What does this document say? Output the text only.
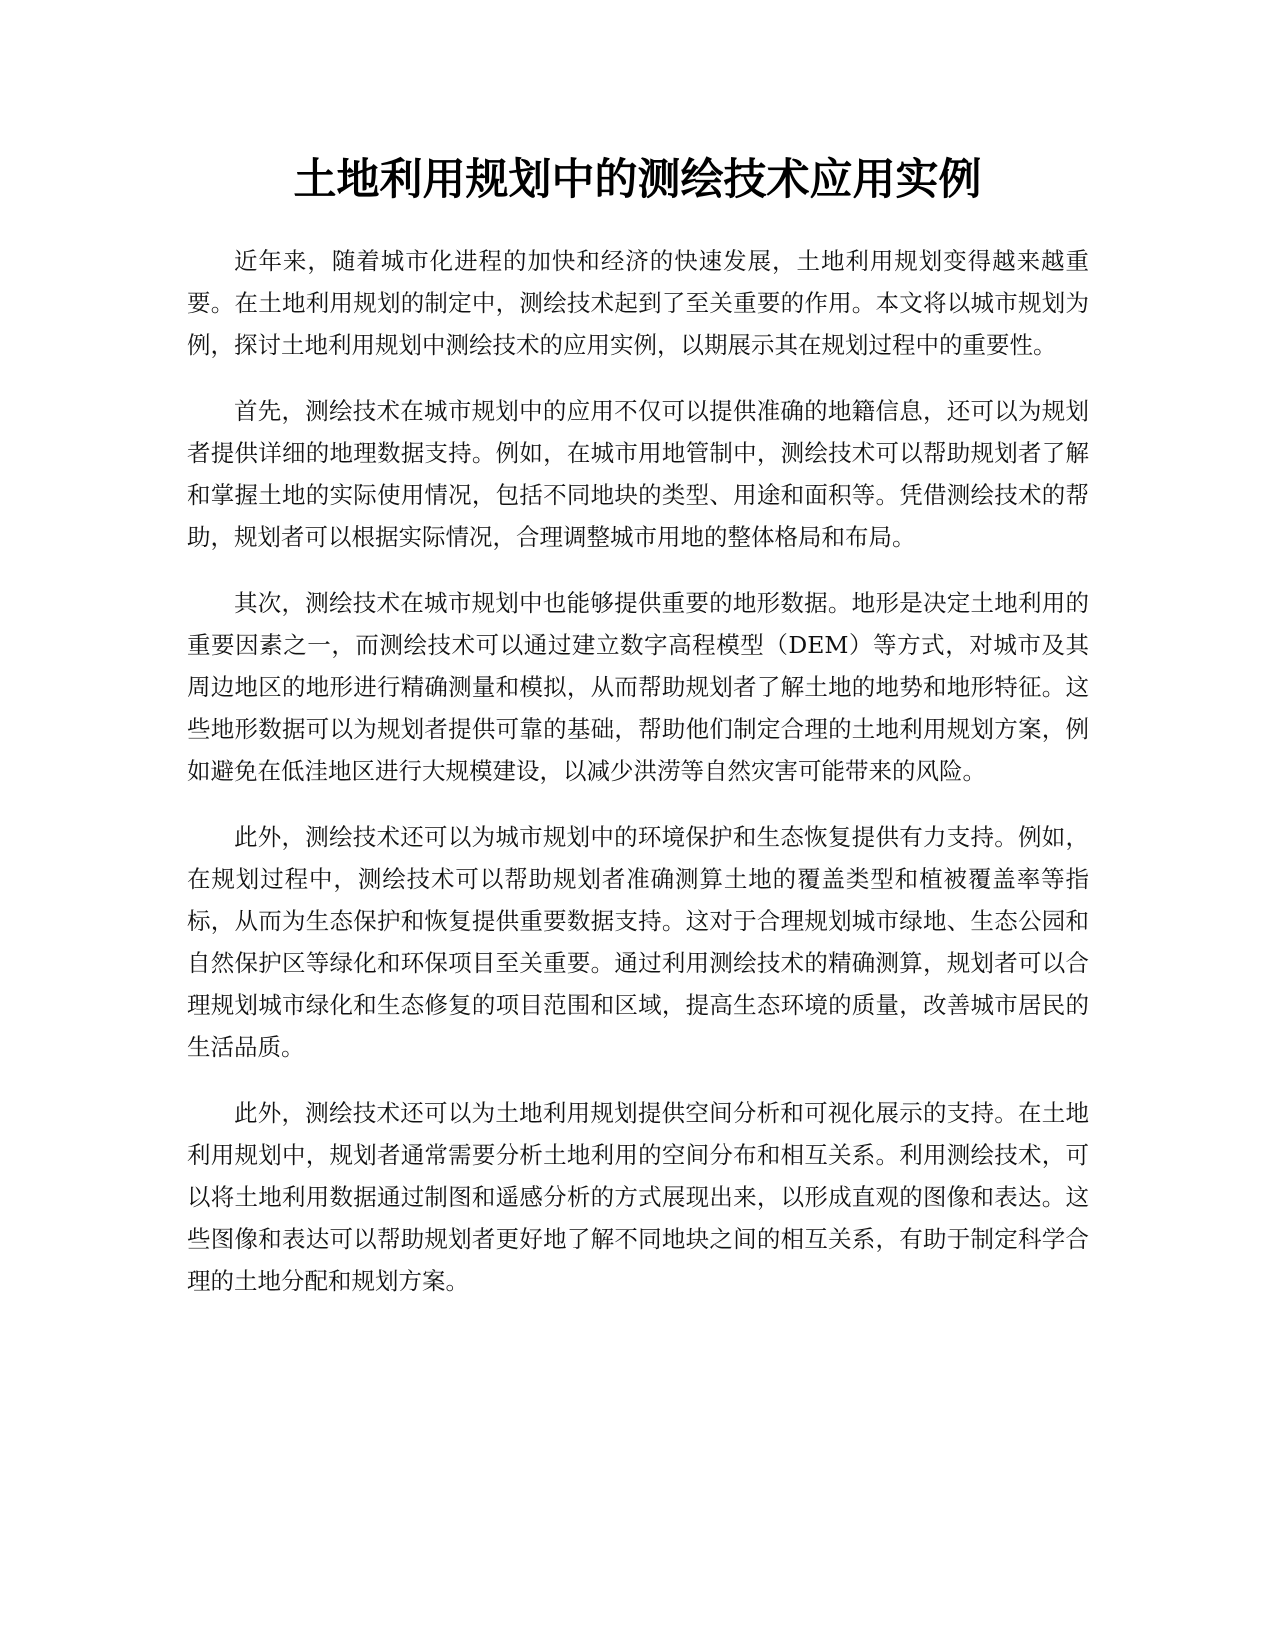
土地利用规划中的测绘技术应用实例

近年来，随着城市化进程的加快和经济的快速发展，土地利用规划变得越来越重要。在土地利用规划的制定中，测绘技术起到了至关重要的作用。本文将以城市规划为例，探讨土地利用规划中测绘技术的应用实例，以期展示其在规划过程中的重要性。

首先，测绘技术在城市规划中的应用不仅可以提供准确的地籍信息，还可以为规划者提供详细的地理数据支持。例如，在城市用地管制中，测绘技术可以帮助规划者了解和掌握土地的实际使用情况，包括不同地块的类型、用途和面积等。凭借测绘技术的帮助，规划者可以根据实际情况，合理调整城市用地的整体格局和布局。

其次，测绘技术在城市规划中也能够提供重要的地形数据。地形是决定土地利用的重要因素之一，而测绘技术可以通过建立数字高程模型（DEM）等方式，对城市及其周边地区的地形进行精确测量和模拟，从而帮助规划者了解土地的地势和地形特征。这些地形数据可以为规划者提供可靠的基础，帮助他们制定合理的土地利用规划方案，例如避免在低洼地区进行大规模建设，以减少洪涝等自然灾害可能带来的风险。

此外，测绘技术还可以为城市规划中的环境保护和生态恢复提供有力支持。例如，在规划过程中，测绘技术可以帮助规划者准确测算土地的覆盖类型和植被覆盖率等指标，从而为生态保护和恢复提供重要数据支持。这对于合理规划城市绿地、生态公园和自然保护区等绿化和环保项目至关重要。通过利用测绘技术的精确测算，规划者可以合理规划城市绿化和生态修复的项目范围和区域，提高生态环境的质量，改善城市居民的生活品质。

此外，测绘技术还可以为土地利用规划提供空间分析和可视化展示的支持。在土地利用规划中，规划者通常需要分析土地利用的空间分布和相互关系。利用测绘技术，可以将土地利用数据通过制图和遥感分析的方式展现出来，以形成直观的图像和表达。这些图像和表达可以帮助规划者更好地了解不同地块之间的相互关系，有助于制定科学合理的土地分配和规划方案。
